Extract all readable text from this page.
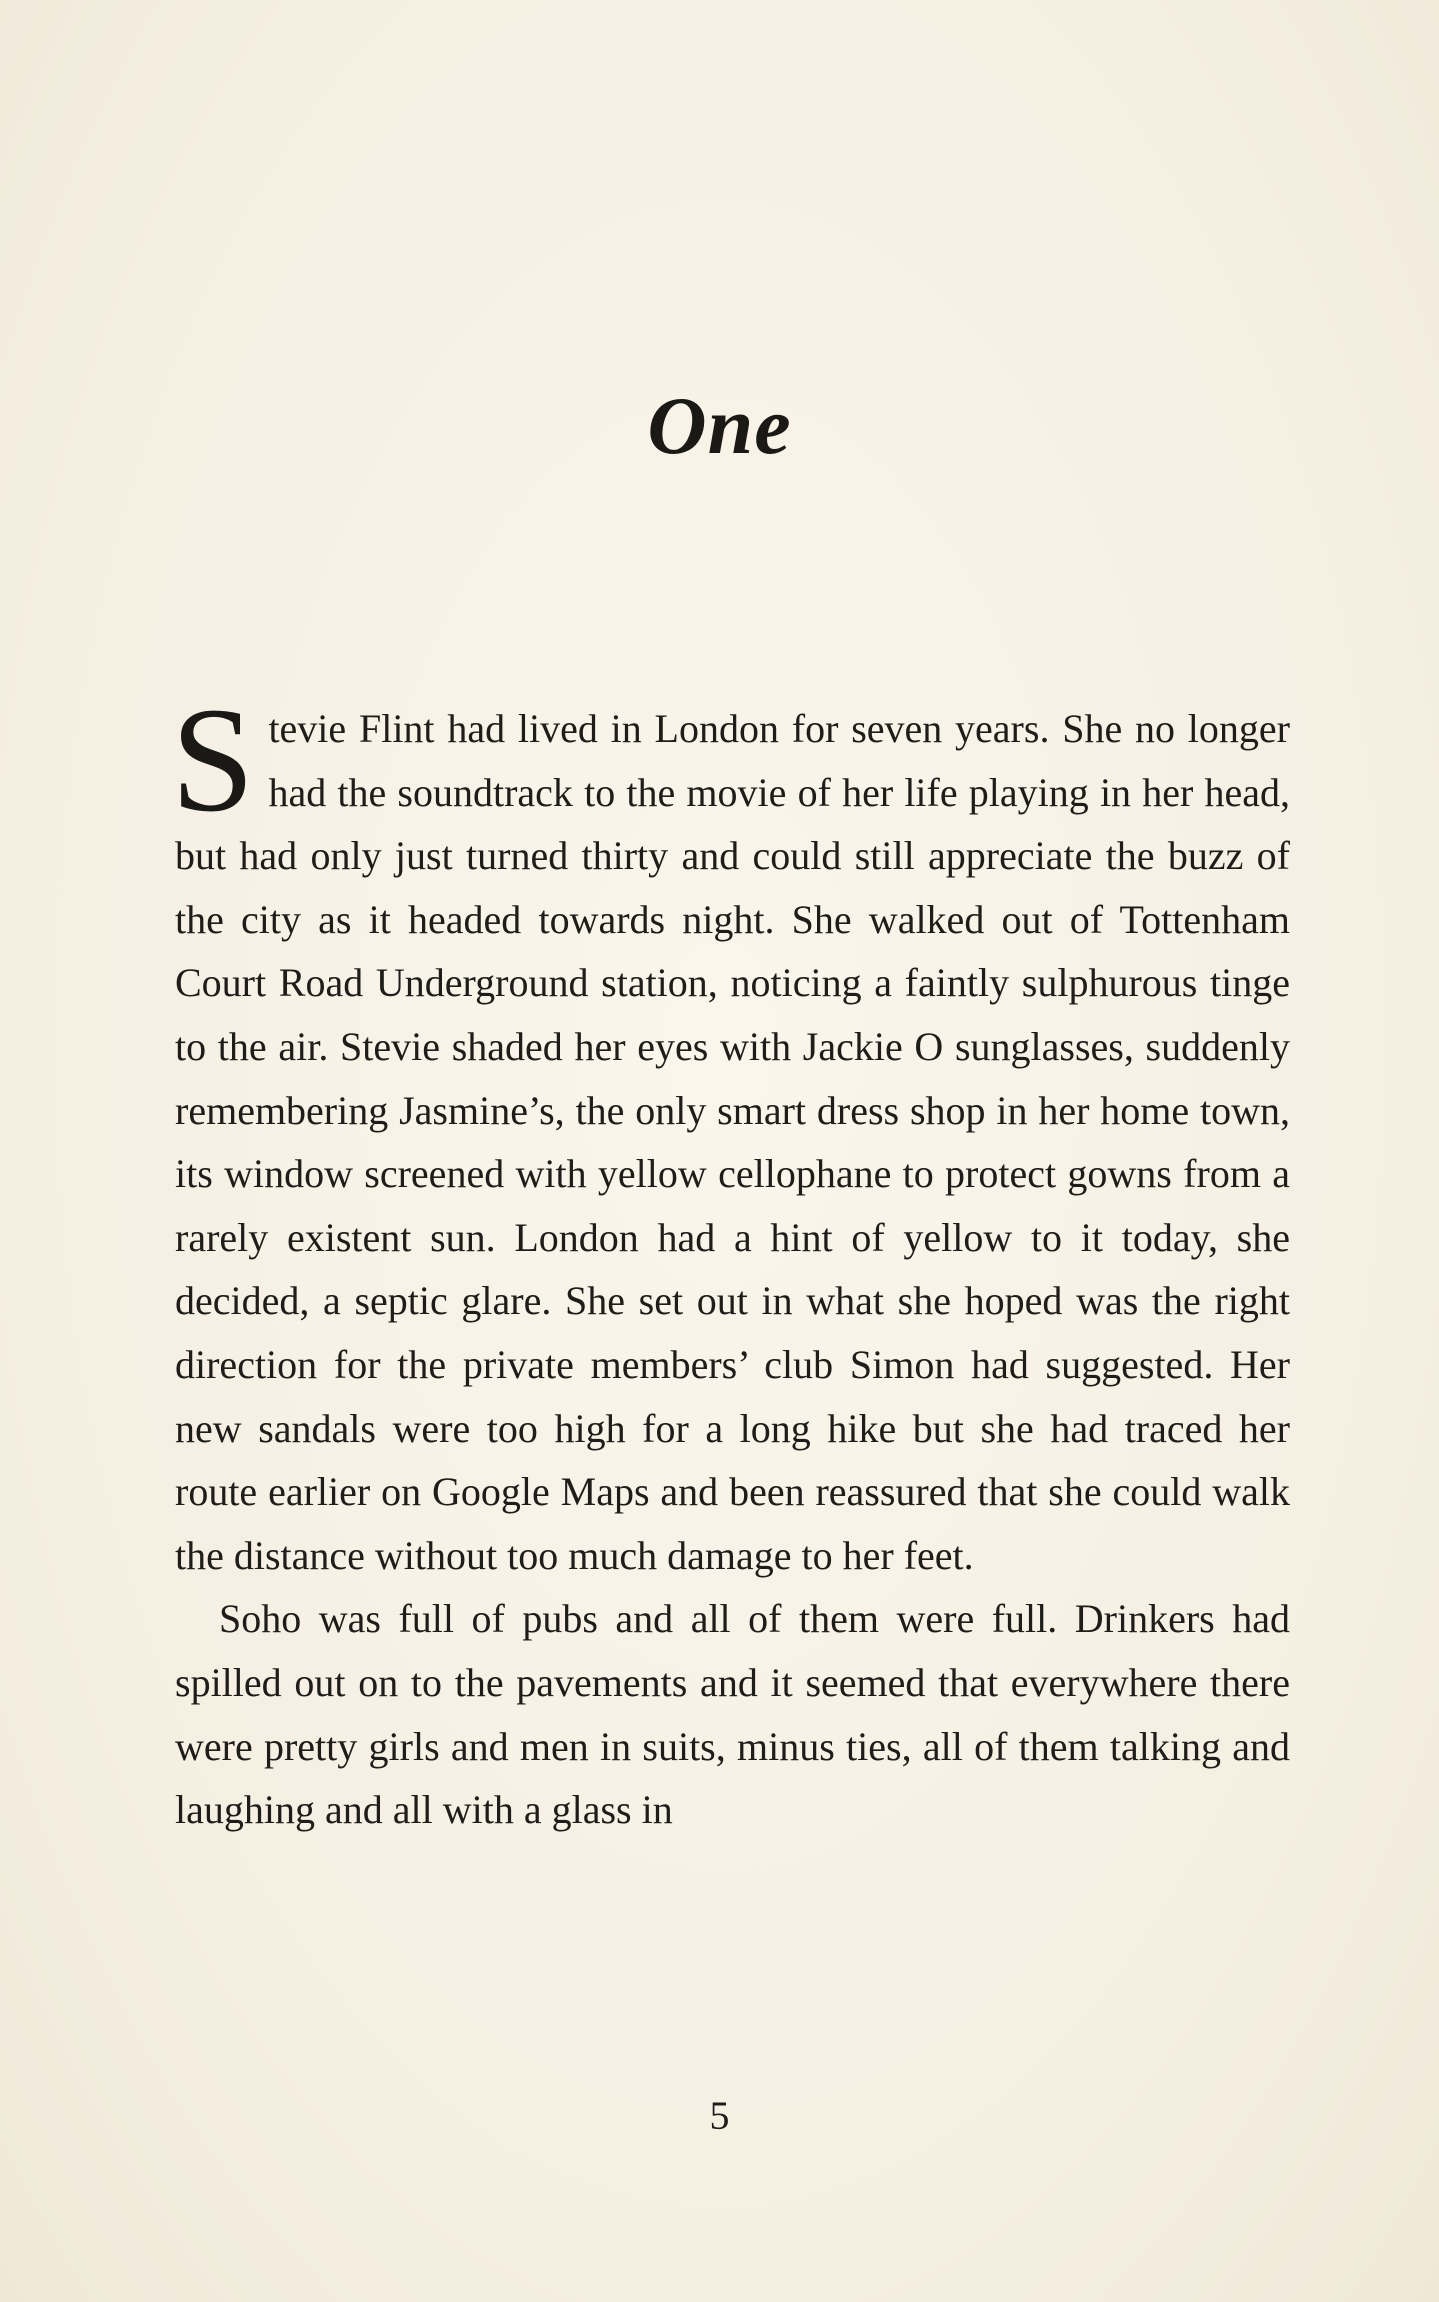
One

Stevie Flint had lived in London for seven years. She no longer had the soundtrack to the movie of her life playing in her head, but had only just turned thirty and could still appreciate the buzz of the city as it headed towards night. She walked out of Tottenham Court Road Underground station, noticing a faintly sulphurous tinge to the air. Stevie shaded her eyes with Jackie O sunglasses, suddenly remembering Jasmine’s, the only smart dress shop in her home town, its window screened with yellow cellophane to protect gowns from a rarely existent sun. London had a hint of yellow to it today, she decided, a septic glare. She set out in what she hoped was the right direction for the private members’ club Simon had suggested. Her new sandals were too high for a long hike but she had traced her route earlier on Google Maps and been reassured that she could walk the distance without too much damage to her feet.

Soho was full of pubs and all of them were full. Drinkers had spilled out on to the pavements and it seemed that everywhere there were pretty girls and men in suits, minus ties, all of them talking and laughing and all with a glass in

5
